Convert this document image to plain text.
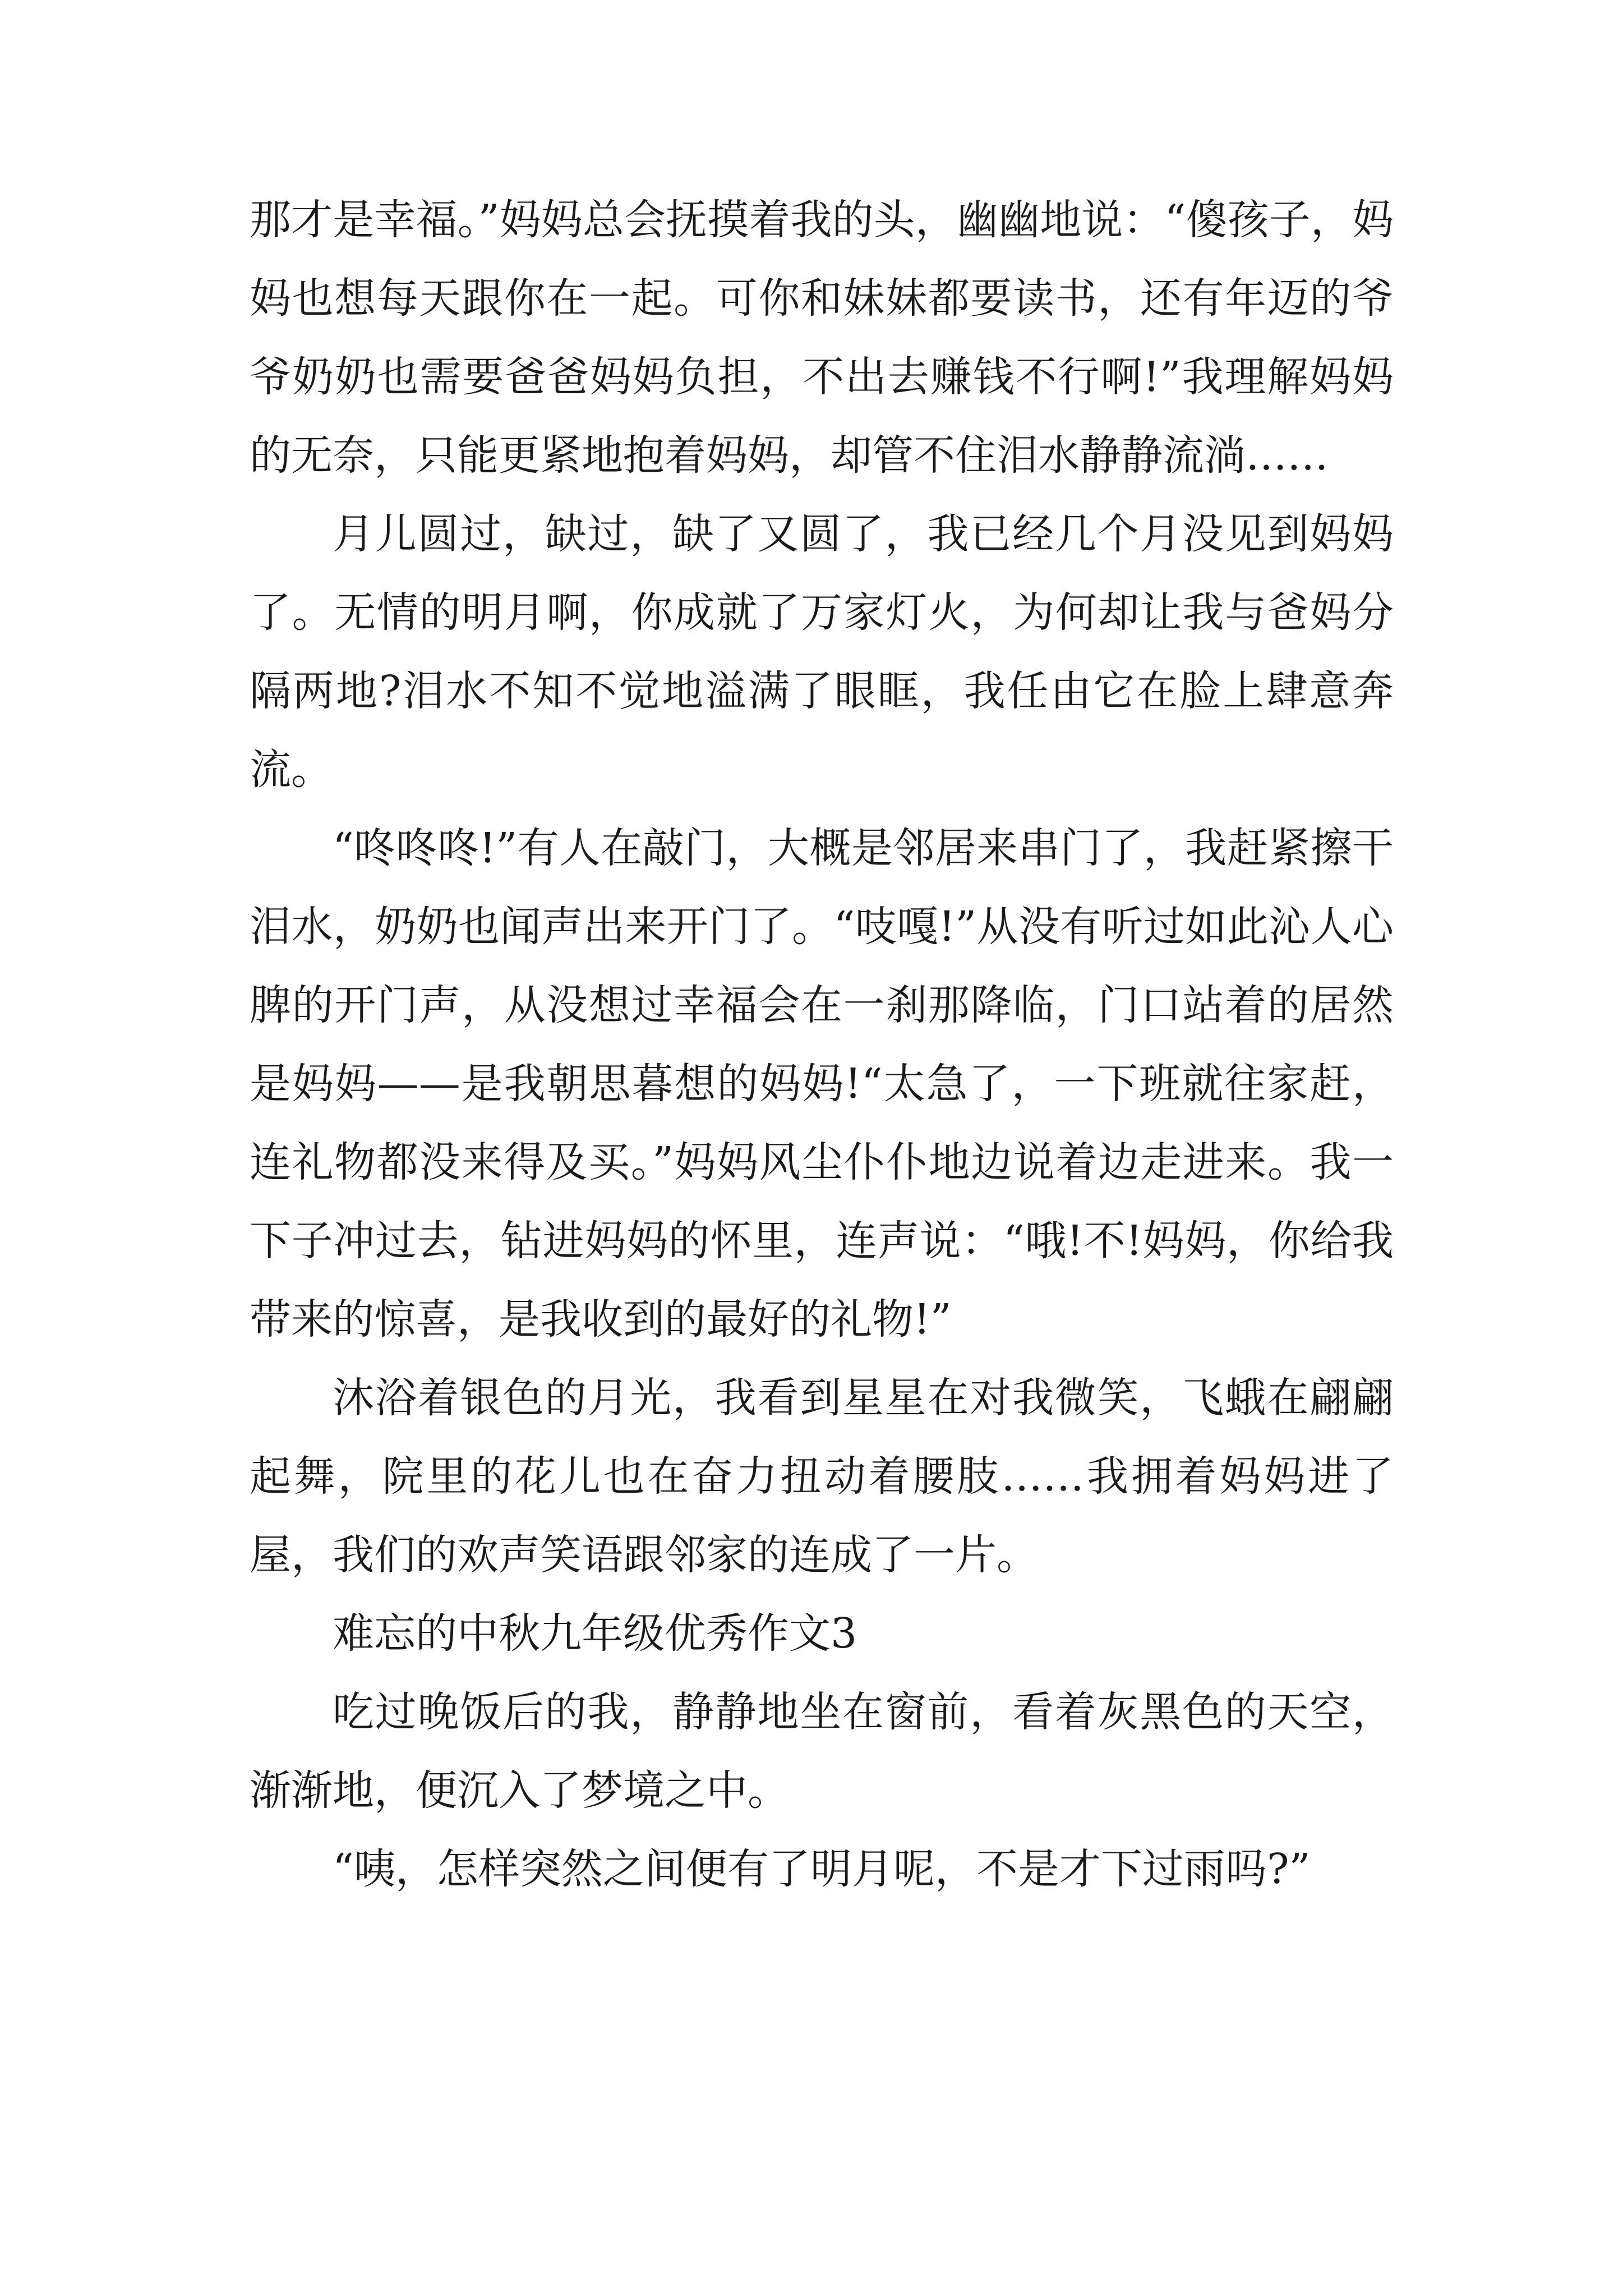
那才是幸福。”妈妈总会抚摸着我的头，幽幽地说：“傻孩子，妈妈也想每天跟你在一起。可你和妹妹都要读书，还有年迈的爷爷奶奶也需要爸爸妈妈负担，不出去赚钱不行啊!”我理解妈妈的无奈，只能更紧地抱着妈妈，却管不住泪水静静流淌……

月儿圆过，缺过，缺了又圆了，我已经几个月没见到妈妈了。无情的明月啊，你成就了万家灯火，为何却让我与爸妈分隔两地?泪水不知不觉地溢满了眼眶，我任由它在脸上肆意奔流。

“咚咚咚!”有人在敲门，大概是邻居来串门了，我赶紧擦干泪水，奶奶也闻声出来开门了。“吱嘎!”从没有听过如此沁人心脾的开门声，从没想过幸福会在一刹那降临，门口站着的居然是妈妈——是我朝思暮想的妈妈!“太急了，一下班就往家赶，连礼物都没来得及买。”妈妈风尘仆仆地边说着边走进来。我一下子冲过去，钻进妈妈的怀里，连声说：“哦!不!妈妈，你给我带来的惊喜，是我收到的最好的礼物!”

沐浴着银色的月光，我看到星星在对我微笑，飞蛾在翩翩起舞，院里的花儿也在奋力扭动着腰肢……我拥着妈妈进了屋，我们的欢声笑语跟邻家的连成了一片。

难忘的中秋九年级优秀作文3

吃过晚饭后的我，静静地坐在窗前，看着灰黑色的天空，渐渐地，便沉入了梦境之中。

“咦，怎样突然之间便有了明月呢，不是才下过雨吗?”
